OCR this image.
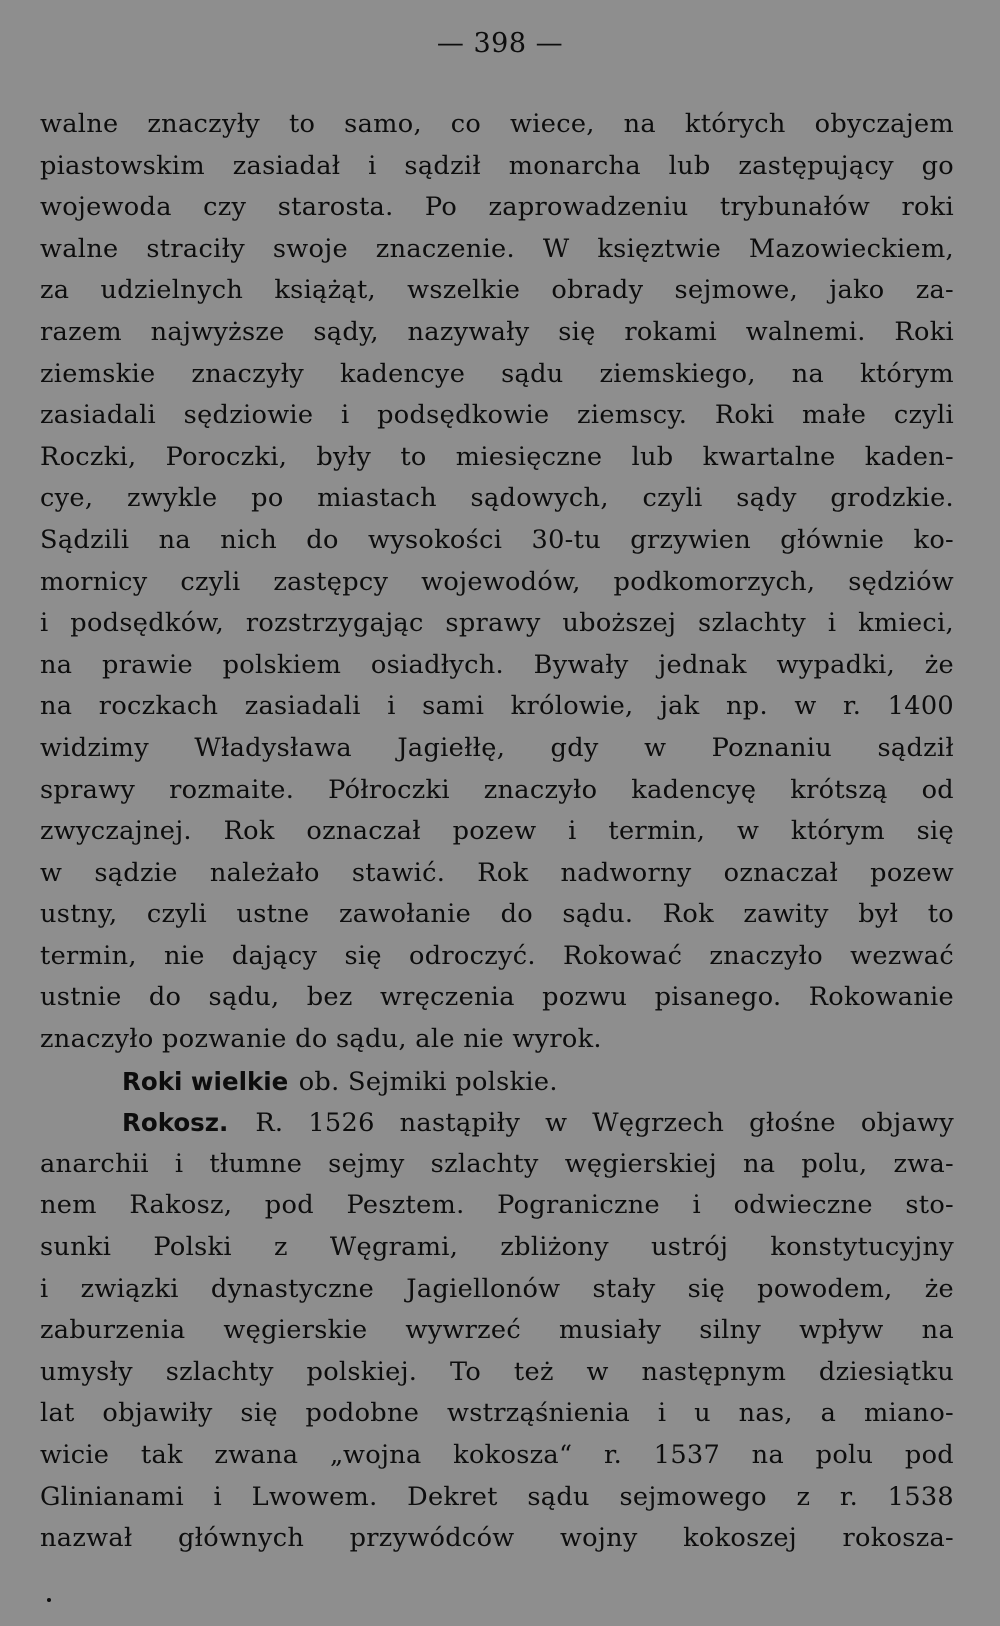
— 398 —
walne znaczyły to samo, co wiece, na których obyczajem
piastowskim zasiadał i sądził monarcha lub zastępujący go
wojewoda czy starosta. Po zaprowadzeniu trybunałów roki
walne straciły swoje znaczenie. W księztwie Mazowieckiem,
za udzielnych książąt, wszelkie obrady sejmowe, jako za-
razem najwyższe sądy, nazywały się rokami walnemi. Roki
ziemskie znaczyły kadencye sądu ziemskiego, na którym
zasiadali sędziowie i podsędkowie ziemscy. Roki małe czyli
Roczki, Poroczki, były to miesięczne lub kwartalne kaden-
cye, zwykle po miastach sądowych, czyli sądy grodzkie.
Sądzili na nich do wysokości 30-tu grzywien głównie ko-
mornicy czyli zastępcy wojewodów, podkomorzych, sędziów
i podsędków, rozstrzygając sprawy uboższej szlachty i kmieci,
na prawie polskiem osiadłych. Bywały jednak wypadki, że
na roczkach zasiadali i sami królowie, jak np. w r. 1400
widzimy Władysława Jagiełłę, gdy w Poznaniu sądził
sprawy rozmaite. Półroczki znaczyło kadencyę krótszą od
zwyczajnej. Rok oznaczał pozew i termin, w którym się
w sądzie należało stawić. Rok nadworny oznaczał pozew
ustny, czyli ustne zawołanie do sądu. Rok zawity był to
termin, nie dający się odroczyć. Rokować znaczyło wezwać
ustnie do sądu, bez wręczenia pozwu pisanego. Rokowanie
znaczyło pozwanie do sądu, ale nie wyrok.
Roki wielkie ob. Sejmiki polskie.
Rokosz. R. 1526 nastąpiły w Węgrzech głośne objawy
anarchii i tłumne sejmy szlachty węgierskiej na polu, zwa-
nem Rakosz, pod Pesztem. Pograniczne i odwieczne sto-
sunki Polski z Węgrami, zbliżony ustrój konstytucyjny
i związki dynastyczne Jagiellonów stały się powodem, że
zaburzenia węgierskie wywrzeć musiały silny wpływ na
umysły szlachty polskiej. To też w następnym dziesiątku
lat objawiły się podobne wstrząśnienia i u nas, a miano-
wicie tak zwana „wojna kokosza“ r. 1537 na polu pod
Glinianami i Lwowem. Dekret sądu sejmowego z r. 1538
nazwał głównych przywódców wojny kokoszej rokosza-
